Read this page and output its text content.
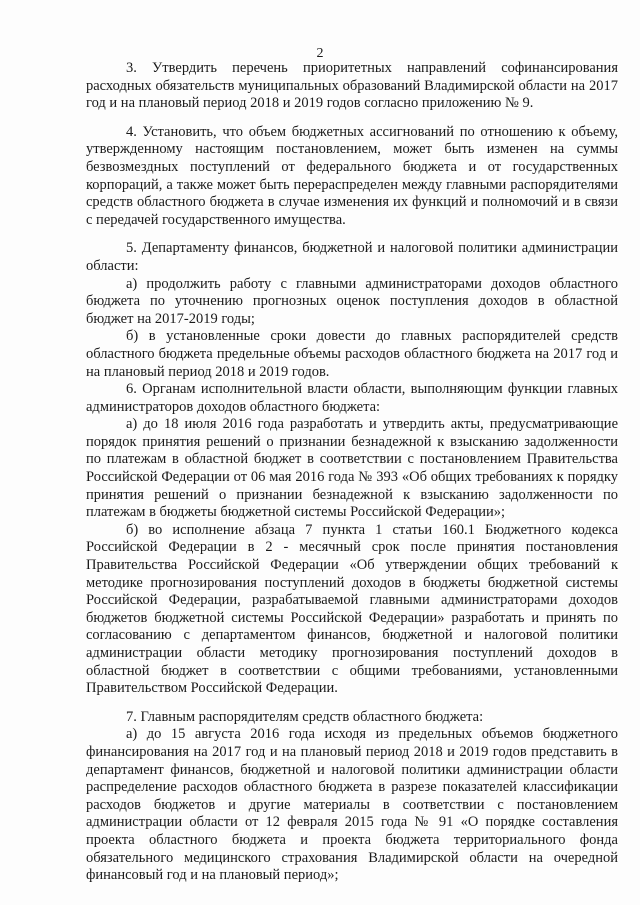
2

3. Утвердить перечень приоритетных направлений софинансирования расходных обязательств муниципальных образований Владимирской области на 2017 год и на плановый период 2018 и 2019 годов согласно приложению № 9.

4. Установить, что объем бюджетных ассигнований по отношению к объему, утвержденному настоящим постановлением, может быть изменен на суммы безвозмездных поступлений от федерального бюджета и от государственных корпораций, а также может быть перераспределен между главными распорядителями средств областного бюджета в случае изменения их функций и полномочий и в связи с передачей государственного имущества.

5. Департаменту финансов, бюджетной и налоговой политики администрации области:

а) продолжить работу с главными администраторами доходов областного бюджета по уточнению прогнозных оценок поступления доходов в областной бюджет на 2017-2019 годы;

б) в установленные сроки довести до главных распорядителей средств областного бюджета предельные объемы расходов областного бюджета на 2017 год и на плановый период 2018 и 2019 годов.

6. Органам исполнительной власти области, выполняющим функции главных администраторов доходов областного бюджета:

а) до 18 июля 2016 года разработать и утвердить акты, предусматривающие порядок принятия решений о признании безнадежной к взысканию задолженности по платежам в областной бюджет в соответствии с постановлением Правительства Российской Федерации от 06 мая 2016 года № 393 «Об общих требованиях к порядку принятия решений о признании безнадежной к взысканию задолженности по платежам в бюджеты бюджетной системы Российской Федерации»;

б) во исполнение абзаца 7 пункта 1 статьи 160.1 Бюджетного кодекса Российской Федерации в 2 - месячный срок после принятия постановления Правительства Российской Федерации «Об утверждении общих требований к методике прогнозирования поступлений доходов в бюджеты бюджетной системы Российской Федерации, разрабатываемой главными администраторами доходов бюджетов бюджетной системы Российской Федерации» разработать и принять по согласованию с департаментом финансов, бюджетной и налоговой политики администрации области методику прогнозирования поступлений доходов в областной бюджет в соответствии с общими требованиями, установленными Правительством Российской Федерации.

7. Главным распорядителям средств областного бюджета:

а) до 15 августа 2016 года исходя из предельных объемов бюджетного финансирования на 2017 год и на плановый период 2018 и 2019 годов представить в департамент финансов, бюджетной и налоговой политики администрации области распределение расходов областного бюджета в разрезе показателей классификации расходов бюджетов и другие материалы в соответствии с постановлением администрации области от 12 февраля 2015 года № 91 «О порядке составления проекта областного бюджета и проекта бюджета территориального фонда обязательного медицинского страхования Владимирской области на очередной финансовый год и на плановый период»;
